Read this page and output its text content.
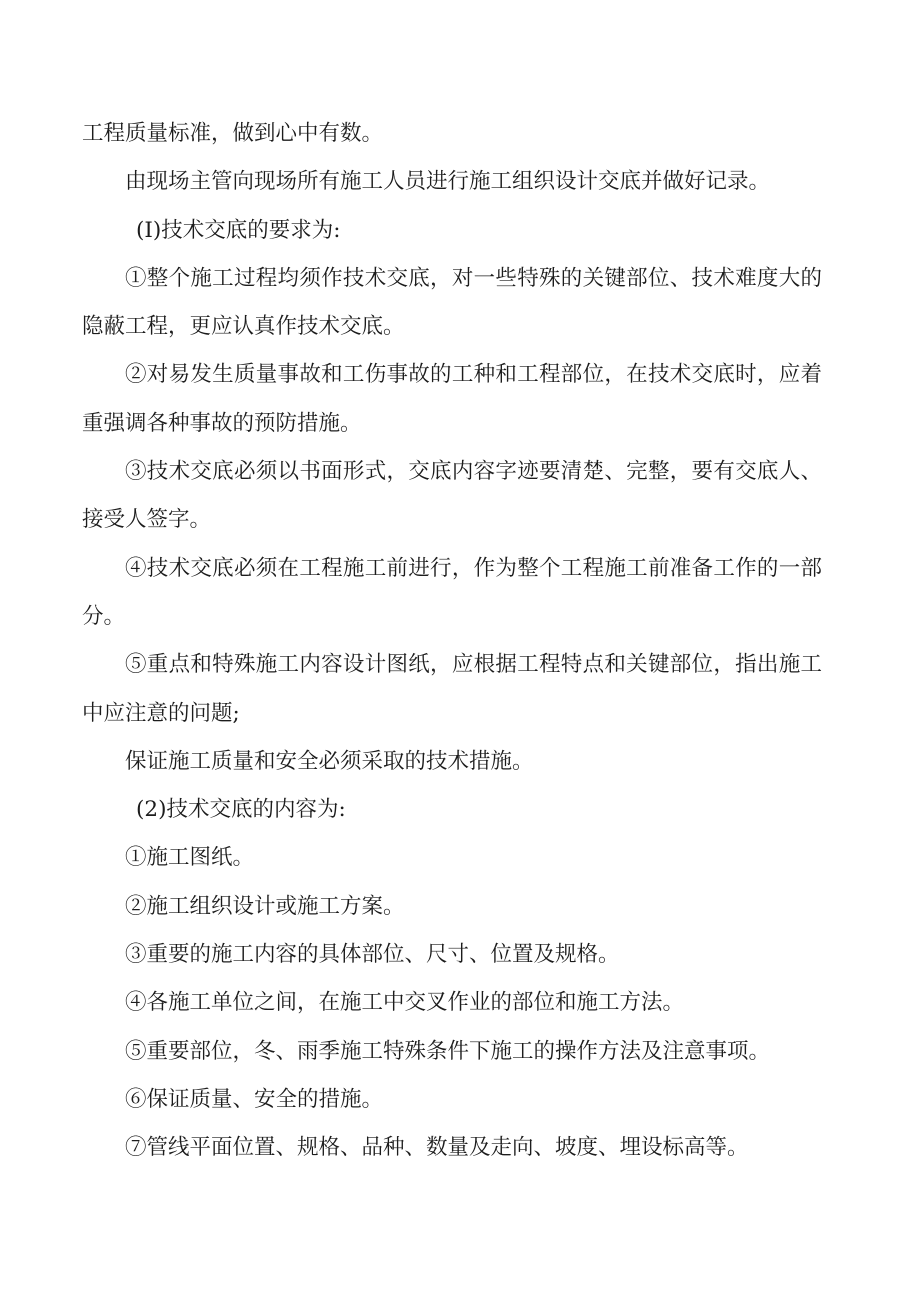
工程质量标准，做到心中有数。

由现场主管向现场所有施工人员进行施工组织设计交底并做好记录。

(I)技术交底的要求为:

①整个施工过程均须作技术交底，对一些特殊的关键部位、技术难度大的隐蔽工程，更应认真作技术交底。

②对易发生质量事故和工伤事故的工种和工程部位，在技术交底时，应着重强调各种事故的预防措施。

③技术交底必须以书面形式，交底内容字迹要清楚、完整，要有交底人、接受人签字。

④技术交底必须在工程施工前进行，作为整个工程施工前准备工作的一部分。

⑤重点和特殊施工内容设计图纸，应根据工程特点和关键部位，指出施工中应注意的问题;

保证施工质量和安全必须采取的技术措施。

(2)技术交底的内容为:

①施工图纸。

②施工组织设计或施工方案。

③重要的施工内容的具体部位、尺寸、位置及规格。

④各施工单位之间，在施工中交叉作业的部位和施工方法。

⑤重要部位，冬、雨季施工特殊条件下施工的操作方法及注意事项。

⑥保证质量、安全的措施。

⑦管线平面位置、规格、品种、数量及走向、坡度、埋设标高等。
